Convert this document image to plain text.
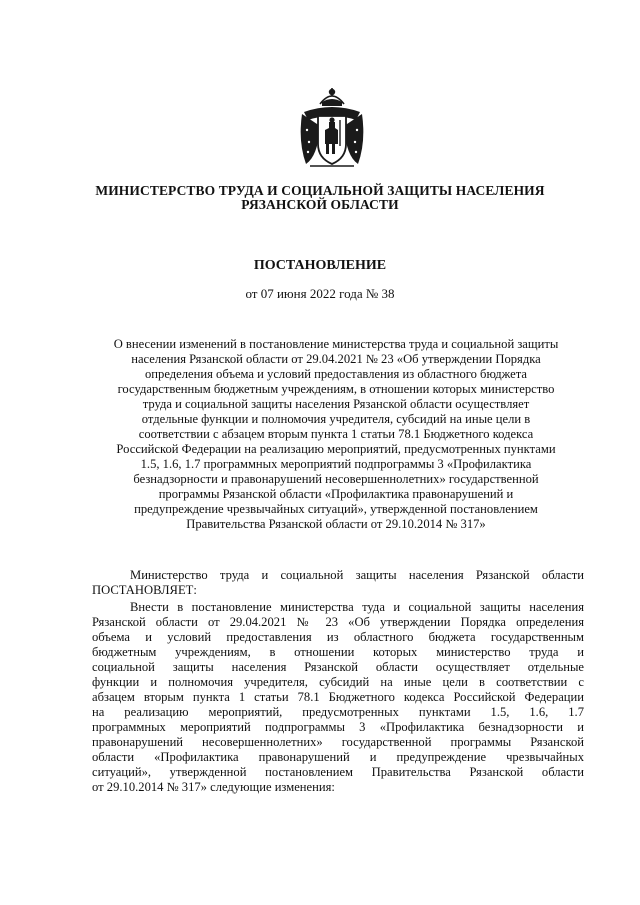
МИНИСТЕРСТВО ТРУДА И СОЦИАЛЬНОЙ ЗАЩИТЫ НАСЕЛЕНИЯ
РЯЗАНСКОЙ ОБЛАСТИ
ПОСТАНОВЛЕНИЕ
от 07 июня 2022 года № 38
О внесении изменений в постановление министерства труда и социальной защиты
населения Рязанской области от 29.04.2021 № 23 «Об утверждении Порядка
определения объема и условий предоставления из областного бюджета
государственным бюджетным учреждениям, в отношении которых министерство
труда и социальной защиты населения Рязанской области осуществляет
отдельные функции и полномочия учредителя, субсидий на иные цели в
соответствии с абзацем вторым пункта 1 статьи 78.1 Бюджетного кодекса
Российской Федерации на реализацию мероприятий, предусмотренных пунктами
1.5, 1.6, 1.7 программных мероприятий подпрограммы 3 «Профилактика
безнадзорности и правонарушений несовершеннолетних» государственной
программы Рязанской области «Профилактика правонарушений и
предупреждение чрезвычайных ситуаций», утвержденной постановлением
Правительства Рязанской области от 29.10.2014 № 317»
Министерство труда и социальной защиты населения Рязанской области
ПОСТАНОВЛЯЕТ:
Внести в постановление министерства туда и социальной защиты населения
Рязанской области от 29.04.2021 № 23 «Об утверждении Порядка определения
объема и условий предоставления из областного бюджета государственным
бюджетным учреждениям, в отношении которых министерство труда и
социальной защиты населения Рязанской области осуществляет отдельные
функции и полномочия учредителя, субсидий на иные цели в соответствии с
абзацем вторым пункта 1 статьи 78.1 Бюджетного кодекса Российской Федерации
на реализацию мероприятий, предусмотренных пунктами 1.5, 1.6, 1.7
программных мероприятий подпрограммы 3 «Профилактика безнадзорности и
правонарушений несовершеннолетних» государственной программы Рязанской
области «Профилактика правонарушений и предупреждение чрезвычайных
ситуаций», утвержденной постановлением Правительства Рязанской области
от 29.10.2014 № 317» следующие изменения:
